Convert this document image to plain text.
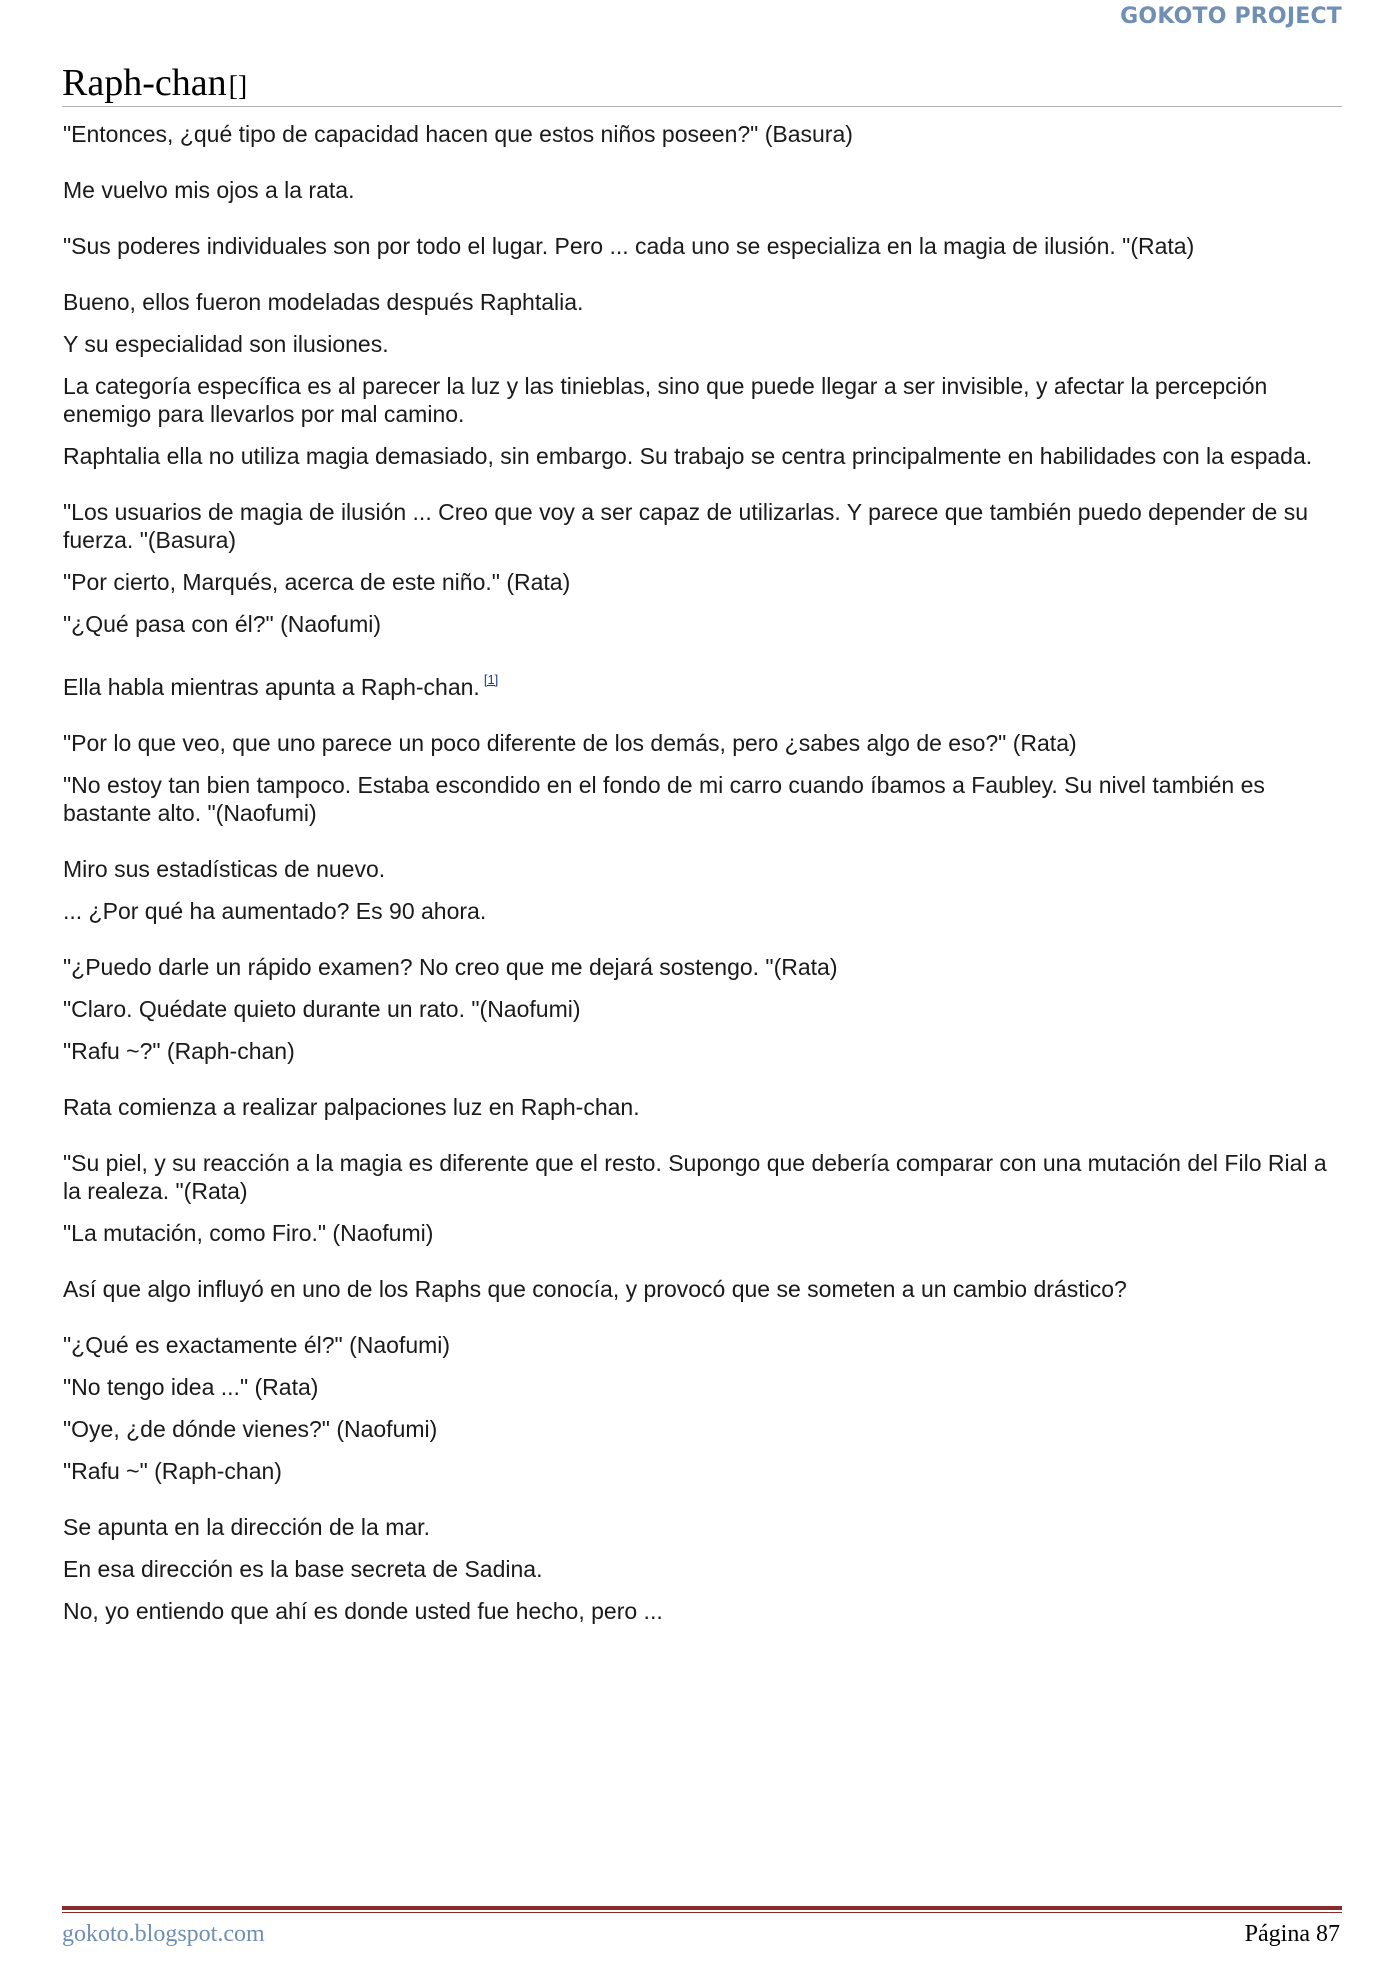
GOKOTO PROJECT
Raph-chan[]

"Entonces, ¿qué tipo de capacidad hacen que estos niños poseen?" (Basura)

Me vuelvo mis ojos a la rata.

"Sus poderes individuales son por todo el lugar. Pero ... cada uno se especializa en la magia de ilusión. "(Rata)

Bueno, ellos fueron modeladas después Raphtalia.

Y su especialidad son ilusiones.

La categoría específica es al parecer la luz y las tinieblas, sino que puede llegar a ser invisible, y afectar la percepción enemigo para llevarlos por mal camino.

Raphtalia ella no utiliza magia demasiado, sin embargo. Su trabajo se centra principalmente en habilidades con la espada.

"Los usuarios de magia de ilusión ... Creo que voy a ser capaz de utilizarlas. Y parece que también puedo depender de su fuerza. "(Basura)

"Por cierto, Marqués, acerca de este niño." (Rata)

"¿Qué pasa con él?" (Naofumi)

Ella habla mientras apunta a Raph-chan. [1]

"Por lo que veo, que uno parece un poco diferente de los demás, pero ¿sabes algo de eso?" (Rata)

"No estoy tan bien tampoco. Estaba escondido en el fondo de mi carro cuando íbamos a Faubley. Su nivel también es bastante alto. "(Naofumi)

Miro sus estadísticas de nuevo.

... ¿Por qué ha aumentado? Es 90 ahora.

"¿Puedo darle un rápido examen? No creo que me dejará sostengo. "(Rata)

"Claro. Quédate quieto durante un rato. "(Naofumi)

"Rafu ~?" (Raph-chan)

Rata comienza a realizar palpaciones luz en Raph-chan.

"Su piel, y su reacción a la magia es diferente que el resto. Supongo que debería comparar con una mutación del Filo Rial a la realeza. "(Rata)

"La mutación, como Firo." (Naofumi)

Así que algo influyó en uno de los Raphs que conocía, y provocó que se someten a un cambio drástico?

"¿Qué es exactamente él?" (Naofumi)

"No tengo idea ..." (Rata)

"Oye, ¿de dónde vienes?" (Naofumi)

"Rafu ~" (Raph-chan)

Se apunta en la dirección de la mar.

En esa dirección es la base secreta de Sadina.

No, yo entiendo que ahí es donde usted fue hecho, pero ...

gokoto.blogspot.com	Página 87
